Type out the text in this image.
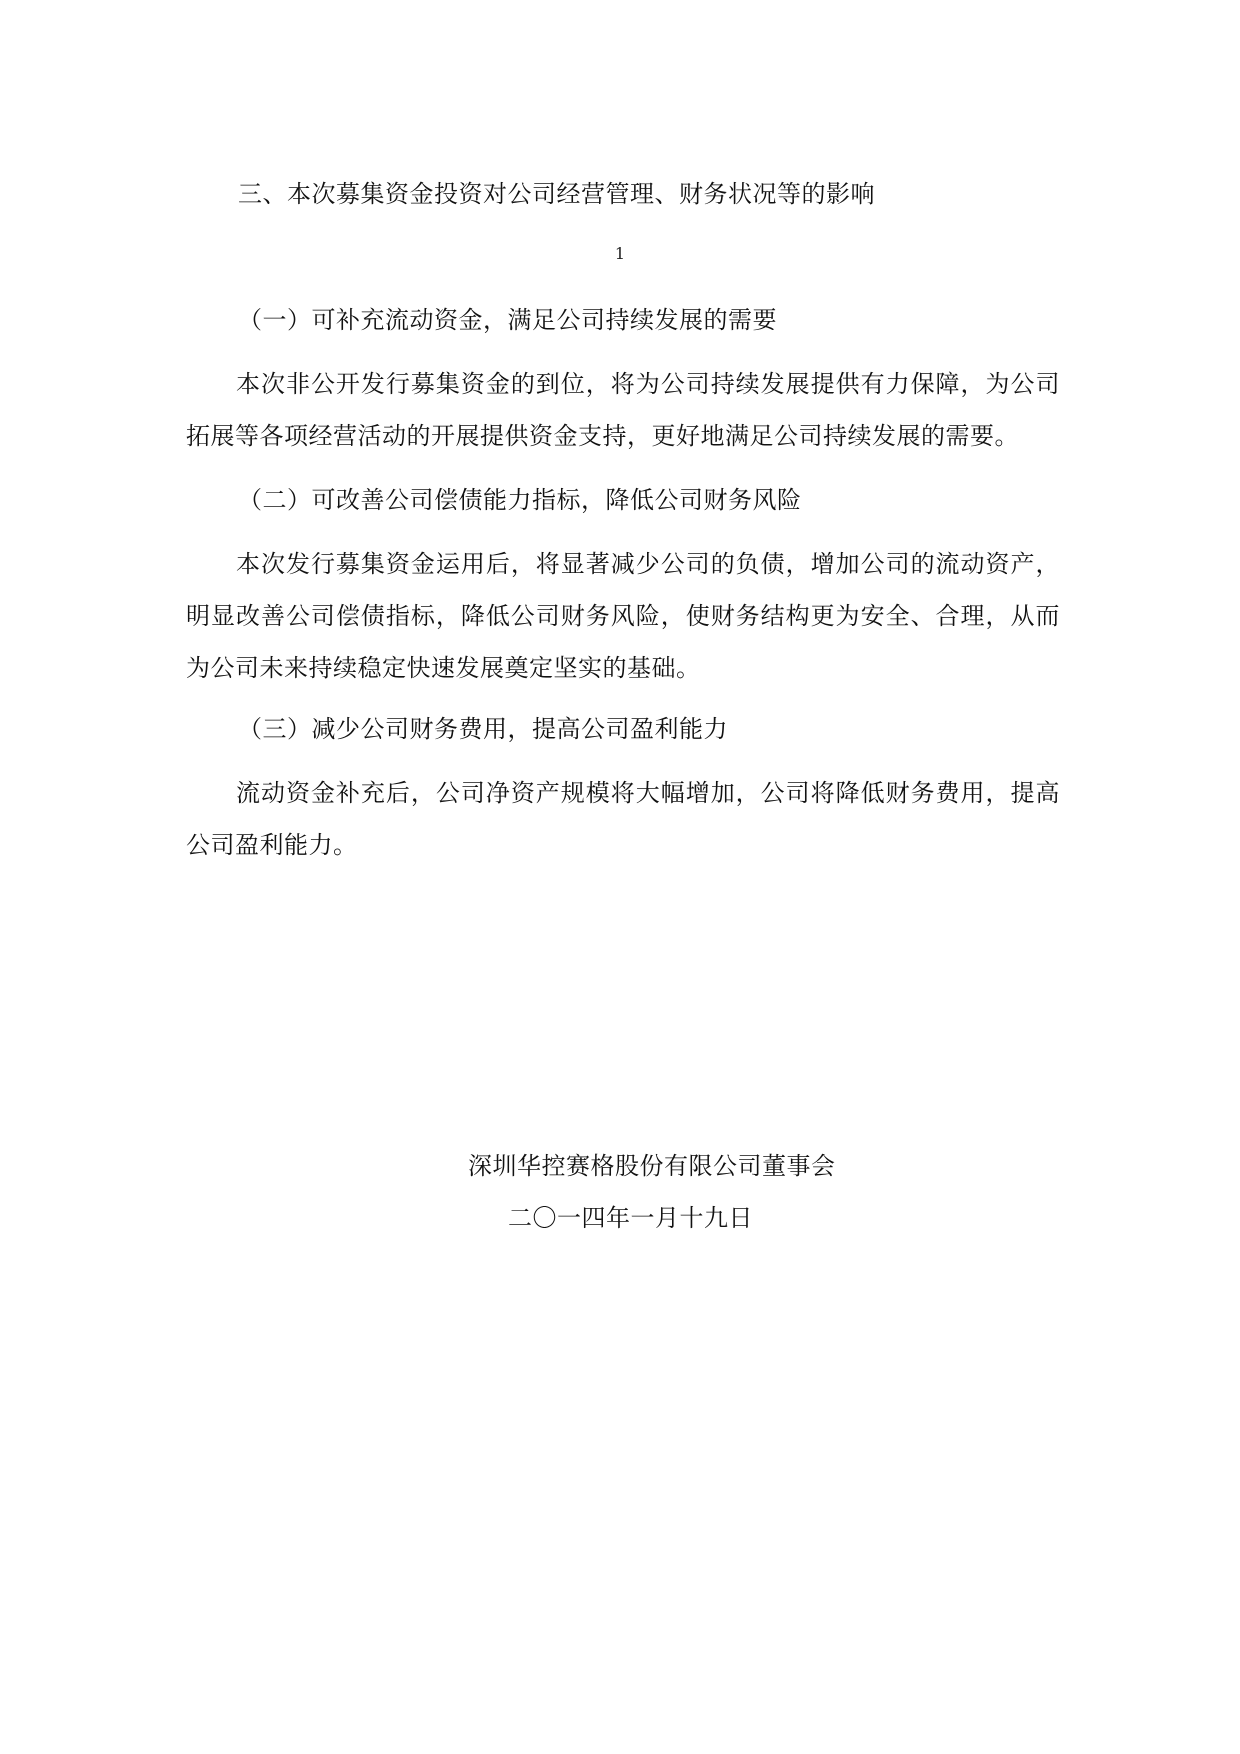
三、本次募集资金投资对公司经营管理、财务状况等的影响
1
（一）可补充流动资金，满足公司持续发展的需要
本次非公开发行募集资金的到位，将为公司持续发展提供有力保障，为公司拓展等各项经营活动的开展提供资金支持，更好地满足公司持续发展的需要。
（二）可改善公司偿债能力指标，降低公司财务风险
本次发行募集资金运用后，将显著减少公司的负债，增加公司的流动资产，明显改善公司偿债指标，降低公司财务风险，使财务结构更为安全、合理，从而为公司未来持续稳定快速发展奠定坚实的基础。
（三）减少公司财务费用，提高公司盈利能力
流动资金补充后，公司净资产规模将大幅增加，公司将降低财务费用，提高公司盈利能力。
深圳华控赛格股份有限公司董事会
二〇一四年一月十九日
